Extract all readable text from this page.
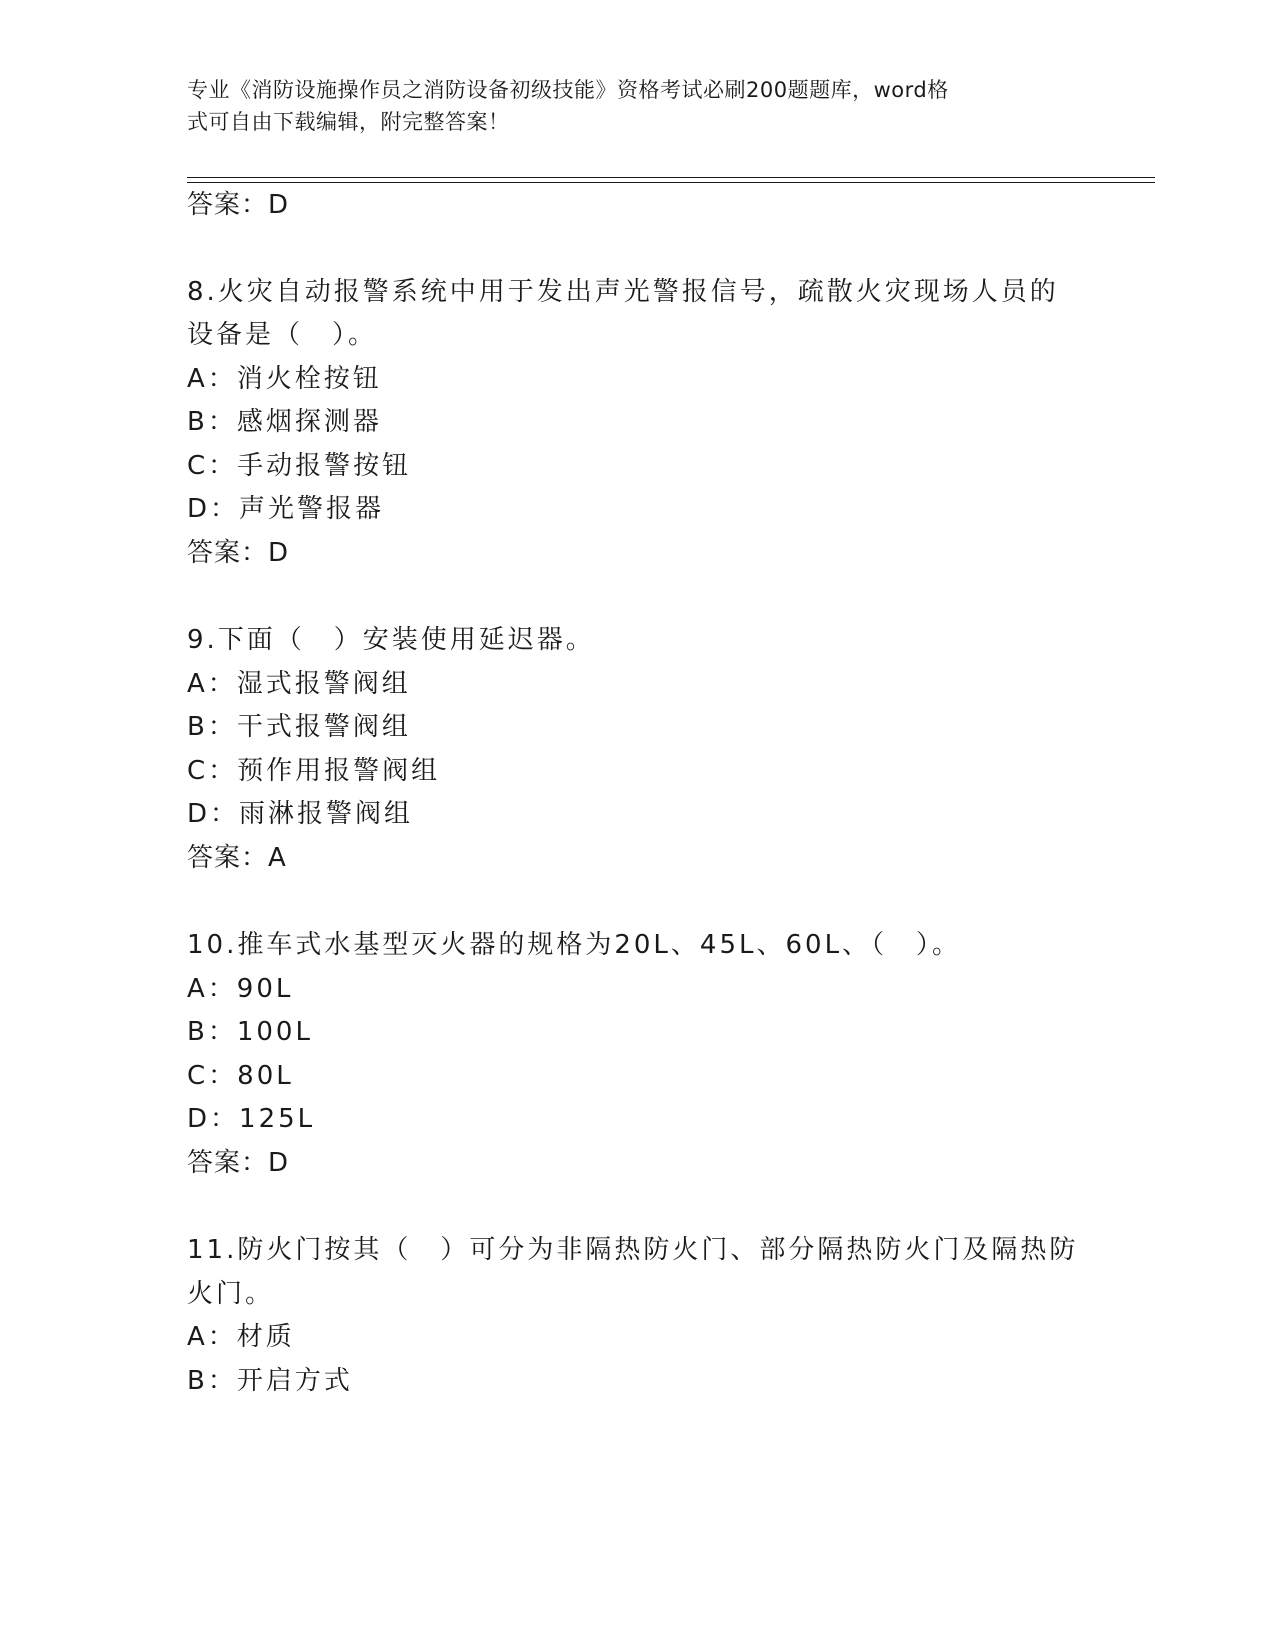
专业《消防设施操作员之消防设备初级技能》资格考试必刷200题题库，word格
式可自由下载编辑，附完整答案！
答案：D
8.火灾自动报警系统中用于发出声光警报信号，疏散火灾现场人员的
设备是（　）。
A：消火栓按钮
B：感烟探测器
C：手动报警按钮
D：声光警报器
答案：D
9.下面（　）安装使用延迟器。
A：湿式报警阀组
B：干式报警阀组
C：预作用报警阀组
D：雨淋报警阀组
答案：A
10.推车式水基型灭火器的规格为20L、45L、60L、（　）。
A：90L
B：100L
C：80L
D：125L
答案：D
11.防火门按其（　）可分为非隔热防火门、部分隔热防火门及隔热防
火门。
A：材质
B：开启方式
